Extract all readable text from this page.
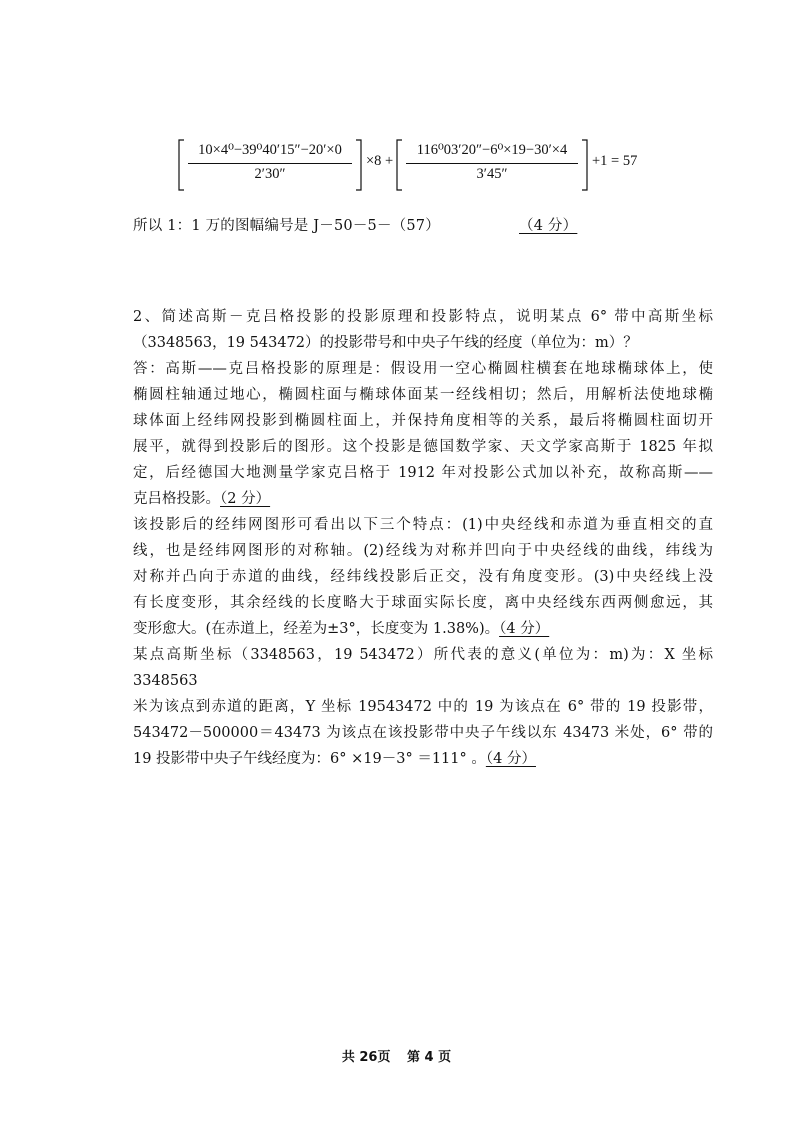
10×4⁰−39⁰40′15″−20′×0
2′30″
×8 +
116⁰03′20″−6⁰×19−30′×4
3′45″
+1 = 57
所以 1：1 万的图幅编号是 J－50－5－（57）	（4 分）

2、简述高斯－克吕格投影的投影原理和投影特点，说明某点 6° 带中高斯坐标

（3348563，19 543472）的投影带号和中央子午线的经度（单位为：m）？

答：高斯——克吕格投影的原理是：假设用一空心椭圆柱横套在地球椭球体上，使

椭圆柱轴通过地心，椭圆柱面与椭球体面某一经线相切；然后，用解析法使地球椭

球体面上经纬网投影到椭圆柱面上，并保持角度相等的关系，最后将椭圆柱面切开

展平，就得到投影后的图形。这个投影是德国数学家、天文学家高斯于 1825 年拟

定，后经德国大地测量学家克吕格于 1912 年对投影公式加以补充，故称高斯——

克吕格投影。（2 分）

该投影后的经纬网图形可看出以下三个特点：(1)中央经线和赤道为垂直相交的直

线，也是经纬网图形的对称轴。(2)经线为对称并凹向于中央经线的曲线，纬线为

对称并凸向于赤道的曲线，经纬线投影后正交，没有角度变形。(3)中央经线上没

有长度变形，其余经线的长度略大于球面实际长度，离中央经线东西两侧愈远，其

变形愈大。(在赤道上，经差为±3°，长度变为 1.38%)。（4 分）

某点高斯坐标（3348563，19 543472）所代表的意义(单位为：m)为：X 坐标 3348563

米为该点到赤道的距离，Y 坐标 19543472 中的 19 为该点在 6° 带的 19 投影带，

543472－500000＝43473 为该点在该投影带中央子午线以东 43473 米处，6° 带的

19 投影带中央子午线经度为：6° ×19－3° ＝111° 。（4 分）

共 26页 第 4 页
